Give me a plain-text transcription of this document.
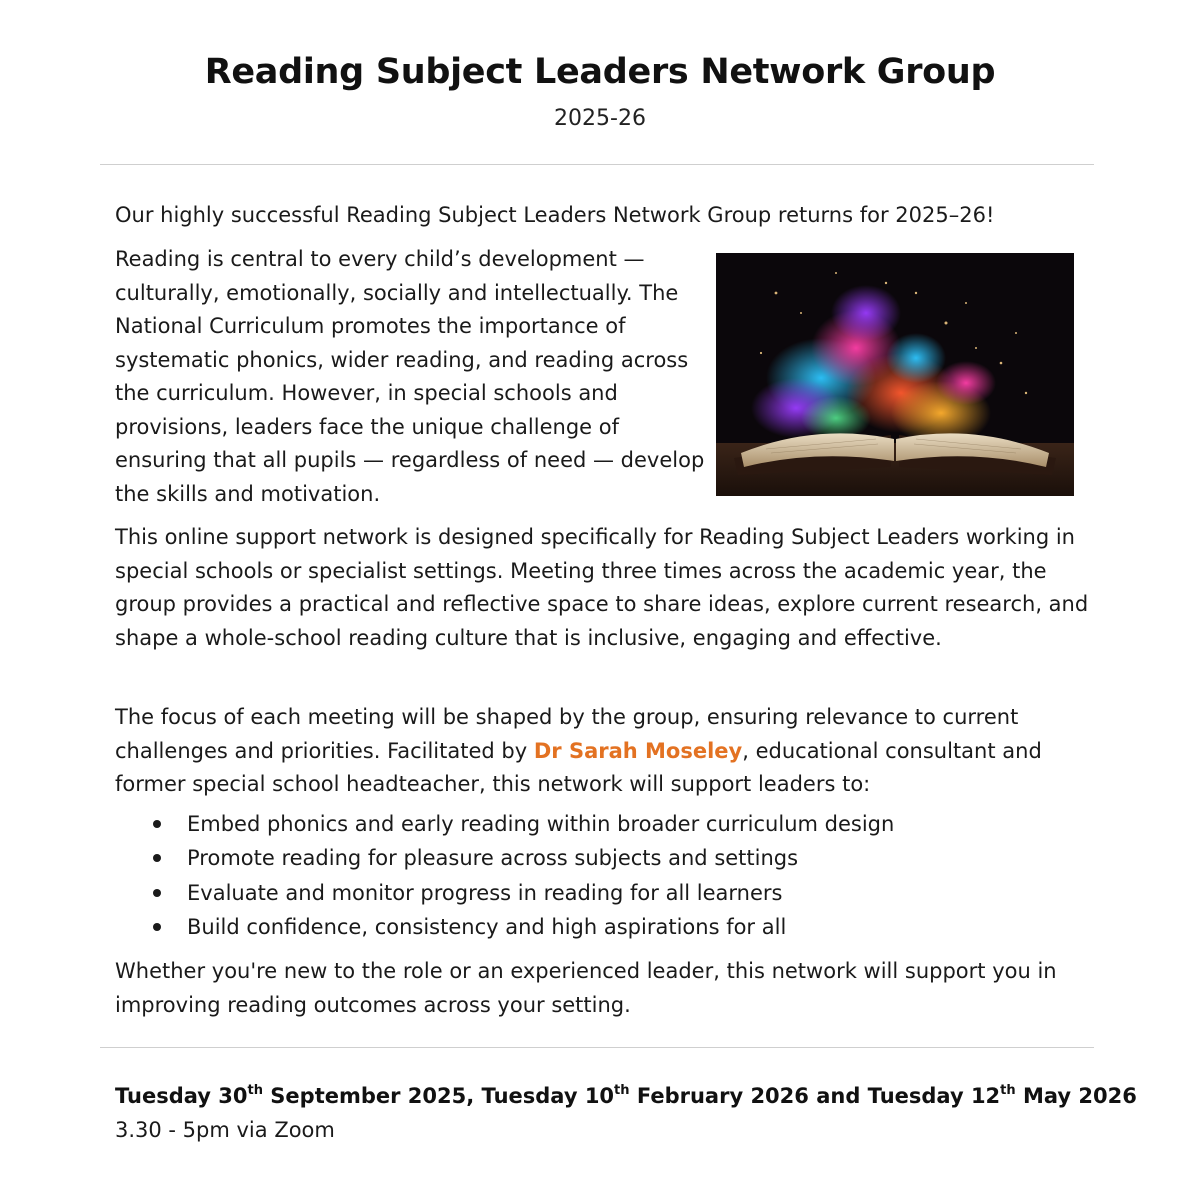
Reading Subject Leaders Network Group
2025-26

Our highly successful Reading Subject Leaders Network Group returns for 2025–26!

Reading is central to every child’s development — culturally, emotionally, socially and intellectually. The National Curriculum promotes the importance of systematic phonics, wider reading, and reading across the curriculum. However, in special schools and provisions, leaders face the unique challenge of ensuring that all pupils — regardless of need — develop the skills and motivation.

This online support network is designed specifically for Reading Subject Leaders working in special schools or specialist settings. Meeting three times across the academic year, the group provides a practical and reflective space to share ideas, explore current research, and shape a whole-school reading culture that is inclusive, engaging and effective.

The focus of each meeting will be shaped by the group, ensuring relevance to current challenges and priorities. Facilitated by Dr Sarah Moseley, educational consultant and former special school headteacher, this network will support leaders to:

Embed phonics and early reading within broader curriculum design
Promote reading for pleasure across subjects and settings
Evaluate and monitor progress in reading for all learners
Build confidence, consistency and high aspirations for all

Whether you're new to the role or an experienced leader, this network will support you in improving reading outcomes across your setting.

Tuesday 30th September 2025, Tuesday 10th February 2026 and Tuesday 12th May 2026
3.30 - 5pm via Zoom
